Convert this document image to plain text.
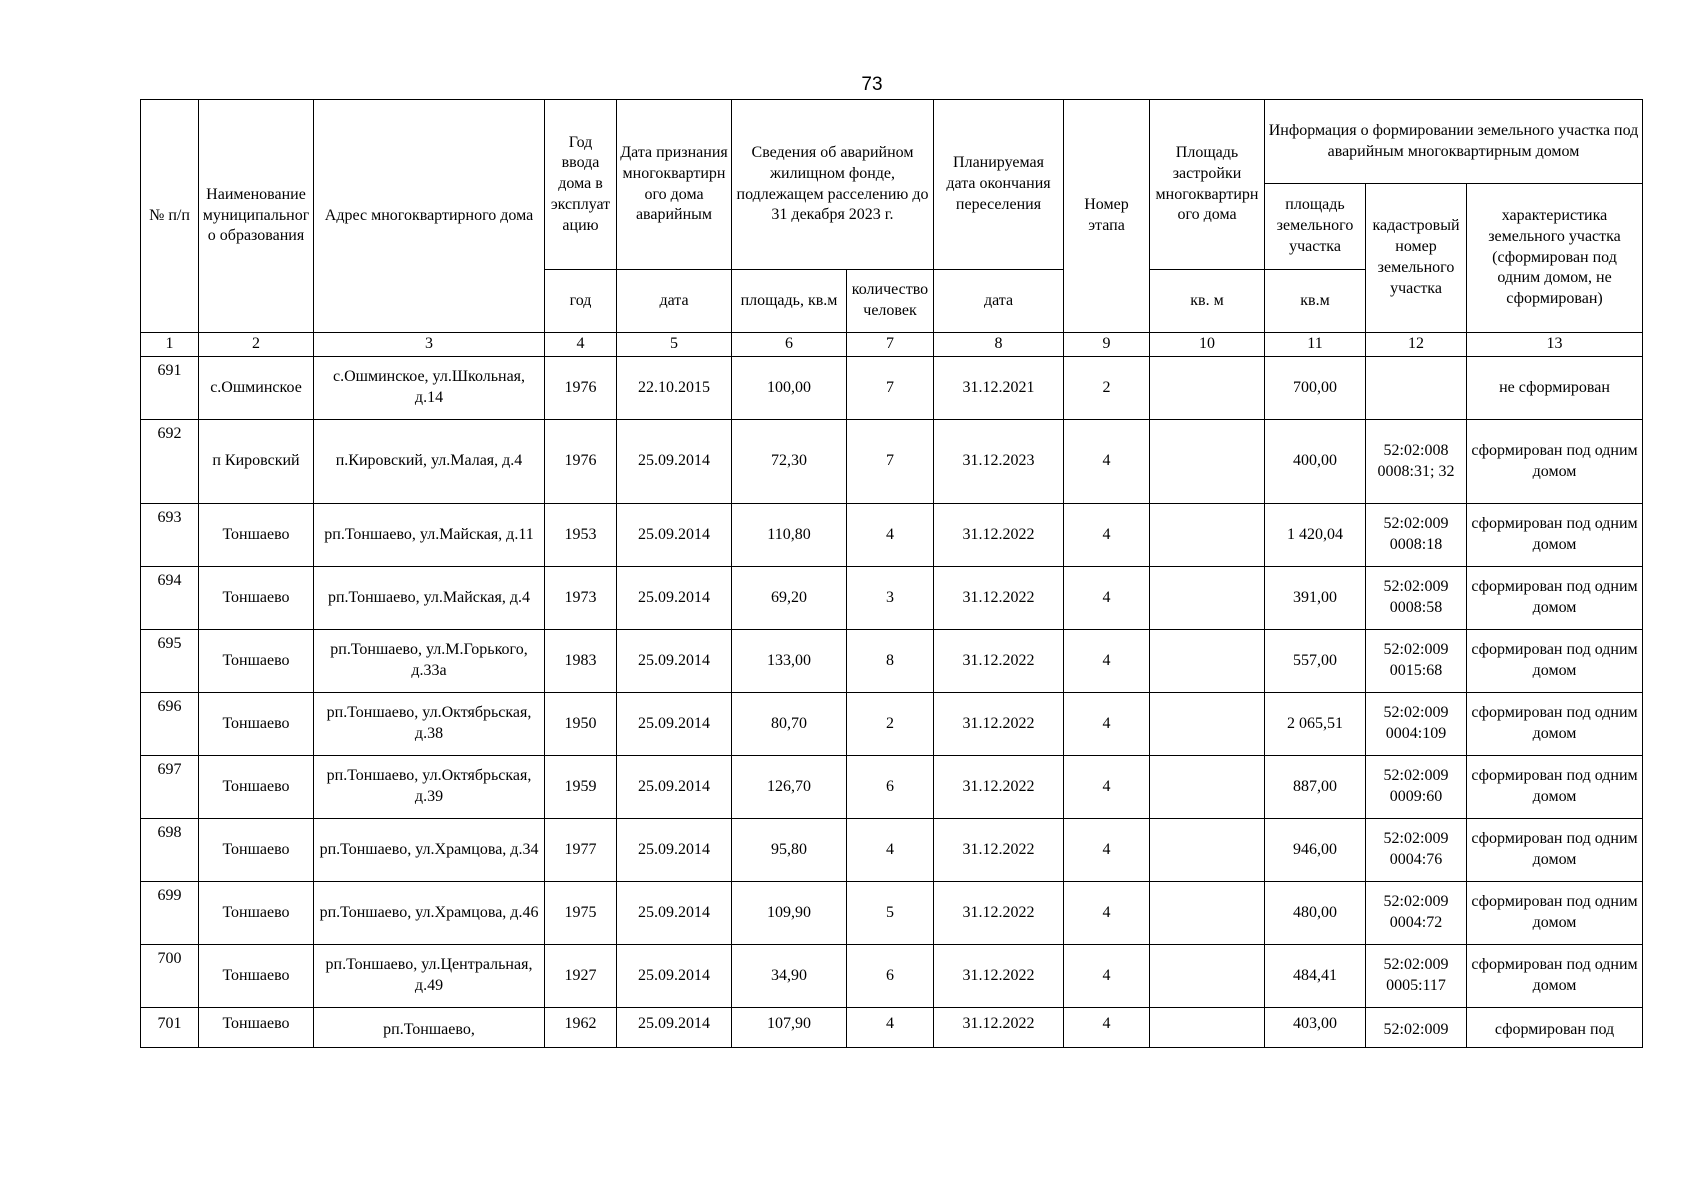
73
№ п/п	Наименование муниципального образования	Адрес многоквартирного дома	Год ввода дома в эксплуатацию	Дата признания многоквартирного дома аварийным	Сведения об аварийном жилищном фонде, подлежащем расселению до 31 декабря 2023 г.		Планируемая дата окончания переселения	Номер этапа	Площадь застройки многоквартирного дома	Информация о формировании земельного участка под аварийным многоквартирным домом		
										площадь земельного участка	кадастровый номер земельного участка	характеристика земельного участка (сформирован под одним домом, не сформирован)
			год	дата	площадь, кв.м	количество человек	дата		кв. м	кв.м		
1	2	3	4	5	6	7	8	9	10	11	12	13
691	с.Ошминское	с.Ошминское, ул.Школьная, д.14	1976	22.10.2015	100,00	7	31.12.2021	2		700,00		не сформирован
692	п Кировский	п.Кировский, ул.Малая, д.4	1976	25.09.2014	72,30	7	31.12.2023	4		400,00	52:02:008 0008:31; 32	сформирован под одним домом
693	Тоншаево	рп.Тоншаево, ул.Майская, д.11	1953	25.09.2014	110,80	4	31.12.2022	4		1 420,04	52:02:009 0008:18	сформирован под одним домом
694	Тоншаево	рп.Тоншаево, ул.Майская, д.4	1973	25.09.2014	69,20	3	31.12.2022	4		391,00	52:02:009 0008:58	сформирован под одним домом
695	Тоншаево	рп.Тоншаево, ул.М.Горького, д.33а	1983	25.09.2014	133,00	8	31.12.2022	4		557,00	52:02:009 0015:68	сформирован под одним домом
696	Тоншаево	рп.Тоншаево, ул.Октябрьская, д.38	1950	25.09.2014	80,70	2	31.12.2022	4		2 065,51	52:02:009 0004:109	сформирован под одним домом
697	Тоншаево	рп.Тоншаево, ул.Октябрьская, д.39	1959	25.09.2014	126,70	6	31.12.2022	4		887,00	52:02:009 0009:60	сформирован под одним домом
698	Тоншаево	рп.Тоншаево, ул.Храмцова, д.34	1977	25.09.2014	95,80	4	31.12.2022	4		946,00	52:02:009 0004:76	сформирован под одним домом
699	Тоншаево	рп.Тоншаево, ул.Храмцова, д.46	1975	25.09.2014	109,90	5	31.12.2022	4		480,00	52:02:009 0004:72	сформирован под одним домом
700	Тоншаево	рп.Тоншаево, ул.Центральная, д.49	1927	25.09.2014	34,90	6	31.12.2022	4		484,41	52:02:009 0005:117	сформирован под одним домом
701	Тоншаево	рп.Тоншаево,	1962	25.09.2014	107,90	4	31.12.2022	4		403,00	52:02:009	сформирован под
